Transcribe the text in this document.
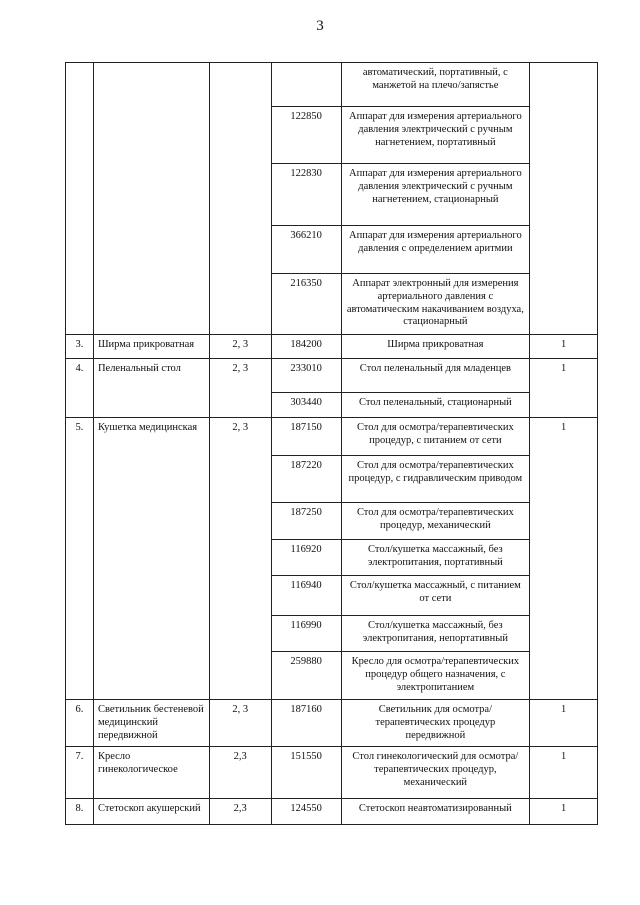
3
				автоматический, портативный, с манжетой на плечо/запястье	
			122850	Аппарат для измерения артериального давления электрический с ручным нагнетением, портативный	
			122830	Аппарат для измерения артериального давления электрический с ручным нагнетением, стационарный	
			366210	Аппарат для измерения артериального давления с определением аритмии	
			216350	Аппарат электронный для измерения артериального давления с автоматическим накачиванием воздуха, стационарный	
3.	Ширма прикроватная	2, 3	184200	Ширма прикроватная	1
4.	Пеленальный стол	2, 3	233010	Стол пеленальный для младенцев	1
			303440	Стол пеленальный, стационарный	
5.	Кушетка медицинская	2, 3	187150	Стол для осмотра/терапевтических процедур, с питанием от сети	1
			187220	Стол для осмотра/терапевтических процедур, с гидравлическим приводом	
			187250	Стол для осмотра/терапевтических процедур, механический	
			116920	Стол/кушетка массажный, без электропитания, портативный	
			116940	Стол/кушетка массажный, с питанием от сети	
			116990	Стол/кушетка массажный, без электропитания, непортативный	
			259880	Кресло для осмотра/терапевтических процедур общего назначения, с электропитанием	
6.	Светильник бестеневой медицинский передвижной	2, 3	187160	Светильник для осмотра/терапевтических процедур передвижной	1
7.	Кресло гинекологическое	2,3	151550	Стол гинекологический для осмотра/терапевтических процедур, механический	1
8.	Стетоскоп акушерский	2,3	124550	Стетоскоп неавтоматизированный	1
